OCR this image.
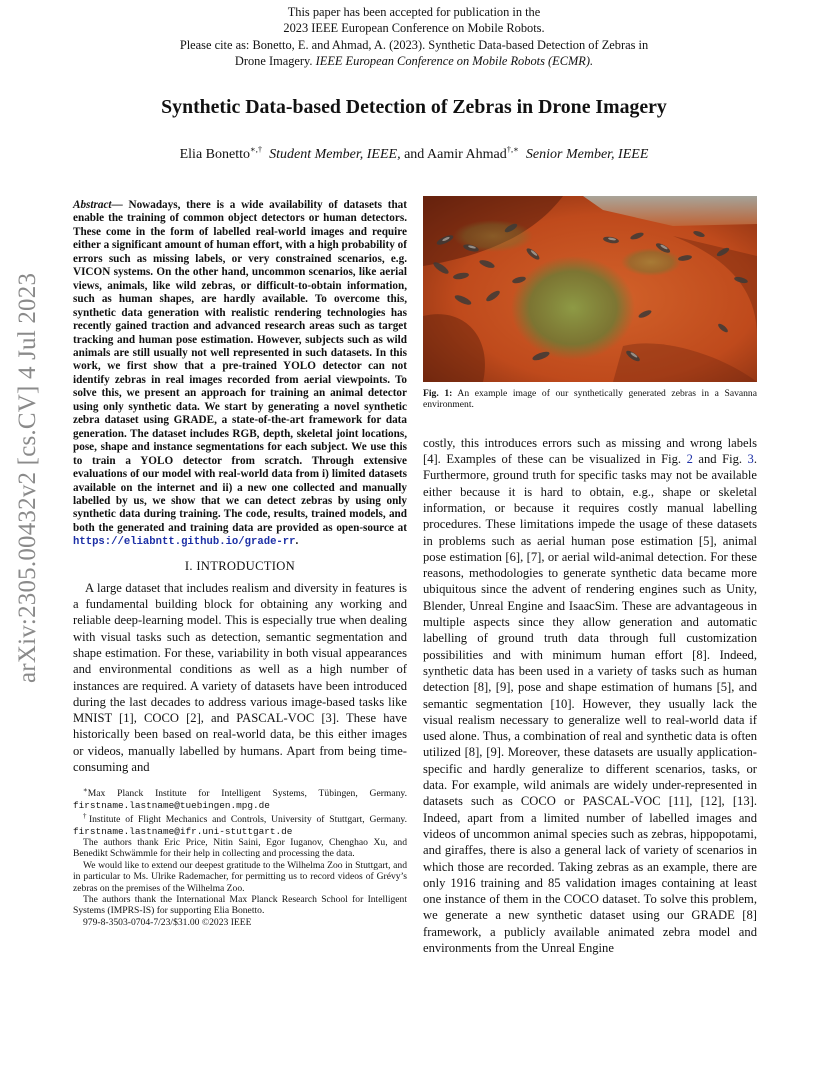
This paper has been accepted for publication in the
2023 IEEE European Conference on Mobile Robots.
Please cite as: Bonetto, E. and Ahmad, A. (2023). Synthetic Data-based Detection of Zebras in
Drone Imagery. IEEE European Conference on Mobile Robots (ECMR).
Synthetic Data-based Detection of Zebras in Drone Imagery
Elia Bonetto∗,† Student Member, IEEE, and Aamir Ahmad†,∗ Senior Member, IEEE
arXiv:2305.00432v2 [cs.CV] 4 Jul 2023
Abstract— Nowadays, there is a wide availability of datasets that enable the training of common object detectors or human detectors. These come in the form of labelled real-world images and require either a significant amount of human effort, with a high probability of errors such as missing labels, or very constrained scenarios, e.g. VICON systems. On the other hand, uncommon scenarios, like aerial views, animals, like wild zebras, or difficult-to-obtain information, such as human shapes, are hardly available. To overcome this, synthetic data generation with realistic rendering technologies has recently gained traction and advanced research areas such as target tracking and human pose estimation. However, subjects such as wild animals are still usually not well represented in such datasets. In this work, we first show that a pre-trained YOLO detector can not identify zebras in real images recorded from aerial viewpoints. To solve this, we present an approach for training an animal detector using only synthetic data. We start by generating a novel synthetic zebra dataset using GRADE, a state-of-the-art framework for data generation. The dataset includes RGB, depth, skeletal joint locations, pose, shape and instance segmentations for each subject. We use this to train a YOLO detector from scratch. Through extensive evaluations of our model with real-world data from i) limited datasets available on the internet and ii) a new one collected and manually labelled by us, we show that we can detect zebras by using only synthetic data during training. The code, results, trained models, and both the generated and training data are provided as open-source at https://eliabntt.github.io/grade-rr.
I. INTRODUCTION
A large dataset that includes realism and diversity in features is a fundamental building block for obtaining any working and reliable deep-learning model. This is especially true when dealing with visual tasks such as detection, semantic segmentation and shape estimation. For these, variability in both visual appearances and environmental conditions as well as a high number of instances are required. A variety of datasets have been introduced during the last decades to address various image-based tasks like MNIST [1], COCO [2], and PASCAL-VOC [3]. These have historically been based on real-world data, be this either images or videos, manually labelled by humans. Apart from being time-consuming and

∗Max Planck Institute for Intelligent Systems, Tübingen, Germany. firstname.lastname@tuebingen.mpg.de

†Institute of Flight Mechanics and Controls, University of Stuttgart, Germany. firstname.lastname@ifr.uni-stuttgart.de

The authors thank Eric Price, Nitin Saini, Egor Iuganov, Chenghao Xu, and Benedikt Schwämmle for their help in collecting and processing the data.

We would like to extend our deepest gratitude to the Wilhelma Zoo in Stuttgart, and in particular to Ms. Ulrike Rademacher, for permitting us to record videos of Grévy’s zebras on the premises of the Wilhelma Zoo.

The authors thank the International Max Planck Research School for Intelligent Systems (IMPRS-IS) for supporting Elia Bonetto.

979-8-3503-0704-7/23/$31.00 ©2023 IEEE

Fig. 1: An example image of our synthetically generated zebras in a Savanna environment.
costly, this introduces errors such as missing and wrong labels [4]. Examples of these can be visualized in Fig. 2 and Fig. 3. Furthermore, ground truth for specific tasks may not be available either because it is hard to obtain, e.g., shape or skeletal information, or because it requires costly manual labelling procedures. These limitations impede the usage of these datasets in problems such as aerial human pose estimation [5], animal pose estimation [6], [7], or aerial wild-animal detection. For these reasons, methodologies to generate synthetic data became more ubiquitous since the advent of rendering engines such as Unity, Blender, Unreal Engine and IsaacSim. These are advantageous in multiple aspects since they allow generation and automatic labelling of ground truth data through full customization possibilities and with minimum human effort [8]. Indeed, synthetic data has been used in a variety of tasks such as human detection [8], [9], pose and shape estimation of humans [5], and semantic segmentation [10]. However, they usually lack the visual realism necessary to generalize well to real-world data if used alone. Thus, a combination of real and synthetic data is often utilized [8], [9]. Moreover, these datasets are usually application-specific and hardly generalize to different scenarios, tasks, or data. For example, wild animals are widely under-represented in datasets such as COCO or PASCAL-VOC [11], [12], [13]. Indeed, apart from a limited number of labelled images and videos of uncommon animal species such as zebras, hippopotami, and giraffes, there is also a general lack of variety of scenarios in which those are recorded. Taking zebras as an example, there are only 1916 training and 85 validation images containing at least one instance of them in the COCO dataset. To solve this problem, we generate a new synthetic dataset using our GRADE [8] framework, a publicly available animated zebra model and environments from the Unreal Engine
